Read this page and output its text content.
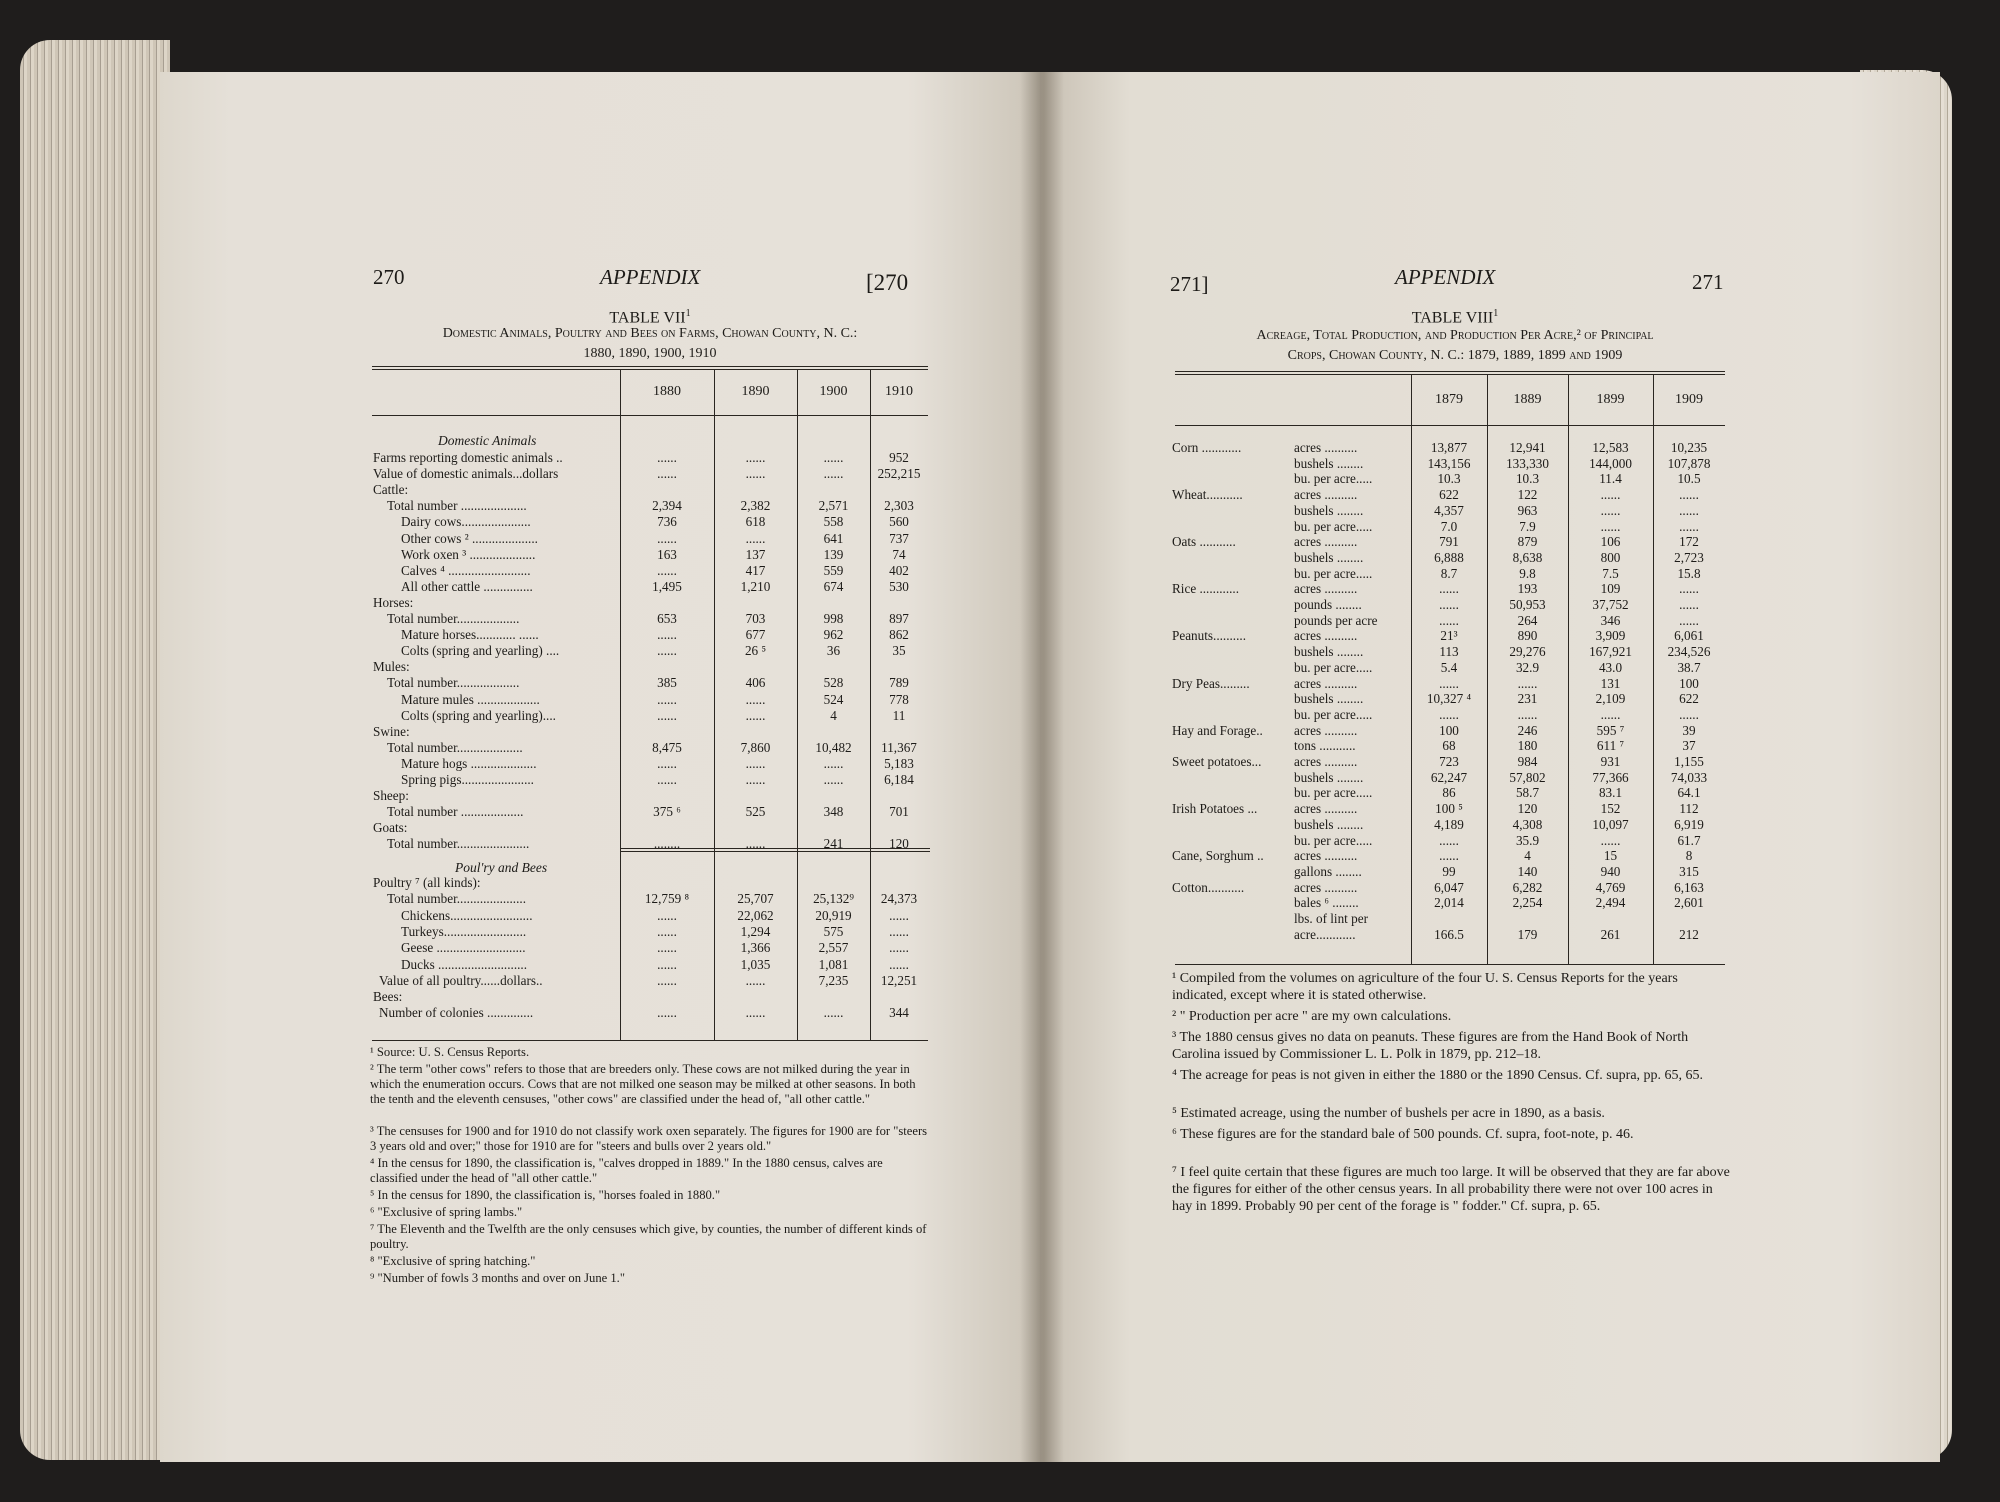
270	APPENDIX	[270
TABLE VII$^1$
Domestic Animals, Poultry and Bees on Farms, Chowan County, N. C.:
1880, 1890, 1900, 1910
1880	1890	1900	1910
Domestic Animals
Farms reporting domestic animals ..	......	......	......	952
Value of domestic animals...dollars	......	......	......	252,215
Cattle:
Total number ....................	2,394	2,382	2,571	2,303
Dairy cows.....................	736	618	558	560
Other cows ² ....................	......	......	641	737
Work oxen ³ ....................	163	137	139	74
Calves ⁴ .........................	......	417	559	402
All other cattle ...............	1,495	1,210	674	530
Horses:
Total number...................	653	703	998	897
Mature horses............ ......	......	677	962	862
Colts (spring and yearling) ....	......	26 ⁵	36	35
Mules:
Total number...................	385	406	528	789
Mature mules ...................	......	......	524	778
Colts (spring and yearling)....	......	......	4	11
Swine:
Total number....................	8,475	7,860	10,482	11,367
Mature hogs ....................	......	......	......	5,183
Spring pigs......................	......	......	......	6,184
Sheep:
Total number ...................	375 ⁶	525	348	701
Goats:
Total number......................	........	......	241	120
Poul'ry and Bees
Poultry ⁷ (all kinds):
Total number.....................	12,759 ⁸	25,707	25,132⁹	24,373
Chickens.........................	......	22,062	20,919	......
Turkeys.........................	......	1,294	575	......
Geese ...........................	......	1,366	2,557	......
Ducks ...........................	......	1,035	1,081	......
Value of all poultry......dollars..	......	......	7,235	12,251
Bees:
Number of colonies ..............	......	......	......	344
¹ Source: U. S. Census Reports.
² The term "other cows" refers to those that are breeders only. These cows are not milked during the year in which the enumeration occurs. Cows that are not milked one season may be milked at other seasons. In both the tenth and the eleventh censuses, "other cows" are classified under the head of, "all other cattle."
³ The censuses for 1900 and for 1910 do not classify work oxen separately. The figures for 1900 are for "steers 3 years old and over;" those for 1910 are for "steers and bulls over 2 years old."
⁴ In the census for 1890, the classification is, "calves dropped in 1889." In the 1880 census, calves are classified under the head of "all other cattle."
⁵ In the census for 1890, the classification is, "horses foaled in 1880."
⁶ "Exclusive of spring lambs."
⁷ The Eleventh and the Twelfth are the only censuses which give, by counties, the number of different kinds of poultry.
⁸ "Exclusive of spring hatching."
⁹ "Number of fowls 3 months and over on June 1."
271]	APPENDIX	271
TABLE VIII$^1$
Acreage, Total Production, and Production Per Acre,² of Principal
Crops, Chowan County, N. C.: 1879, 1889, 1899 and 1909
1879	1889	1899	1909
Corn ............	acres ..........	13,877	12,941	12,583	10,235
bushels ........	143,156	133,330	144,000	107,878
bu. per acre.....	10.3	10.3	11.4	10.5
Wheat...........	acres ..........	622	122	......	......
bushels ........	4,357	963	......	......
bu. per acre.....	7.0	7.9	......	......
Oats ...........	acres ..........	791	879	106	172
bushels ........	6,888	8,638	800	2,723
bu. per acre.....	8.7	9.8	7.5	15.8
Rice ............	acres ..........	......	193	109	......
pounds ........	......	50,953	37,752	......
pounds per acre	......	264	346	......
Peanuts..........	acres ..........	21³	890	3,909	6,061
bushels ........	113	29,276	167,921	234,526
bu. per acre.....	5.4	32.9	43.0	38.7
Dry Peas.........	acres ..........	......	......	131	100
bushels ........	10,327 ⁴	231	2,109	622
bu. per acre.....	......	......	......	......
Hay and Forage..	acres ..........	100	246	595 ⁷	39
tons ...........	68	180	611 ⁷	37
Sweet potatoes...	acres ..........	723	984	931	1,155
bushels ........	62,247	57,802	77,366	74,033
bu. per acre.....	86	58.7	83.1	64.1
Irish Potatoes ...	acres ..........	100 ⁵	120	152	112
bushels ........	4,189	4,308	10,097	6,919
bu. per acre.....	......	35.9	......	61.7
Cane, Sorghum ..	acres ..........	......	4	15	8
gallons ........	99	140	940	315
Cotton...........	acres ..........	6,047	6,282	4,769	6,163
bales ⁶ ........	2,014	2,254	2,494	2,601
lbs. of lint per
acre............	166.5	179	261	212
¹ Compiled from the volumes on agriculture of the four U. S. Census Reports for the years indicated, except where it is stated otherwise.
² " Production per acre " are my own calculations.
³ The 1880 census gives no data on peanuts. These figures are from the Hand Book of North Carolina issued by Commissioner L. L. Polk in 1879, pp. 212–18.
⁴ The acreage for peas is not given in either the 1880 or the 1890 Census. Cf. supra, pp. 65, 65.
⁵ Estimated acreage, using the number of bushels per acre in 1890, as a basis.
⁶ These figures are for the standard bale of 500 pounds. Cf. supra, foot-note, p. 46.
⁷ I feel quite certain that these figures are much too large. It will be observed that they are far above the figures for either of the other census years. In all probability there were not over 100 acres in hay in 1899. Probably 90 per cent of the forage is " fodder." Cf. supra, p. 65.
